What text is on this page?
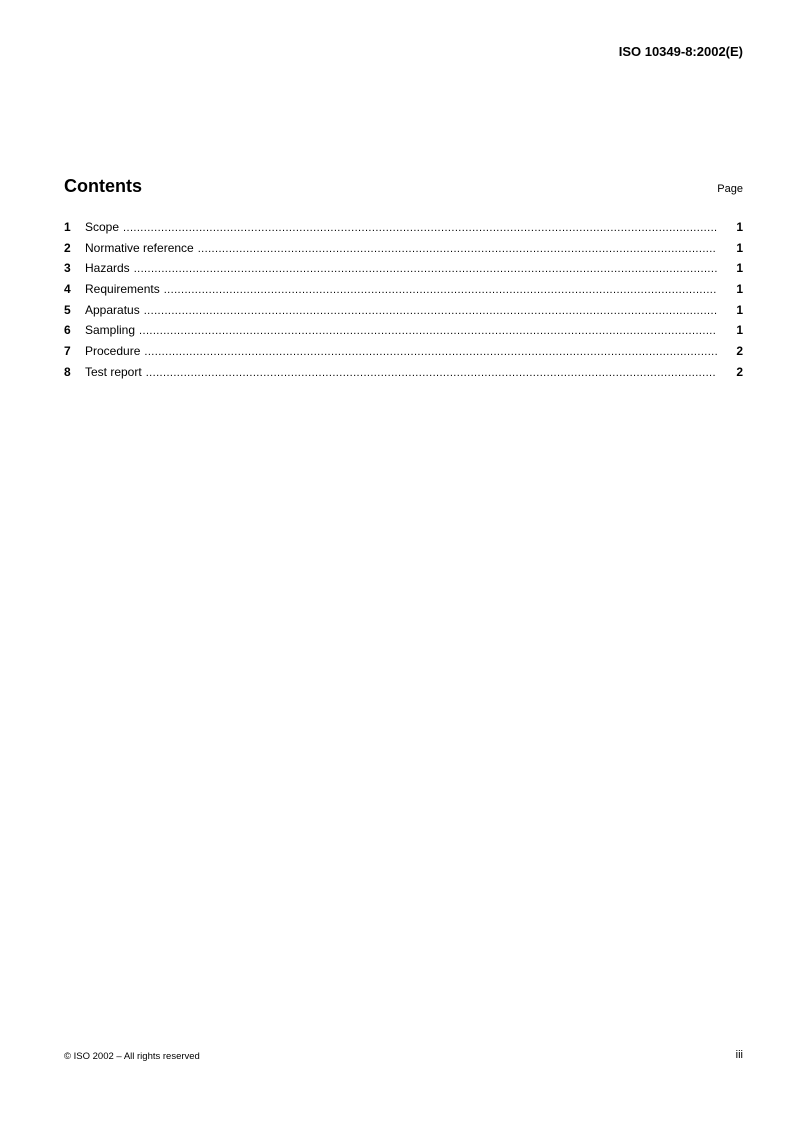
ISO 10349-8:2002(E)
Contents	Page
1	Scope .....	1
2	Normative reference .....	1
3	Hazards .....	1
4	Requirements .....	1
5	Apparatus .....	1
6	Sampling .....	1
7	Procedure .....	2
8	Test report .....	2
© ISO 2002 – All rights reserved	iii
